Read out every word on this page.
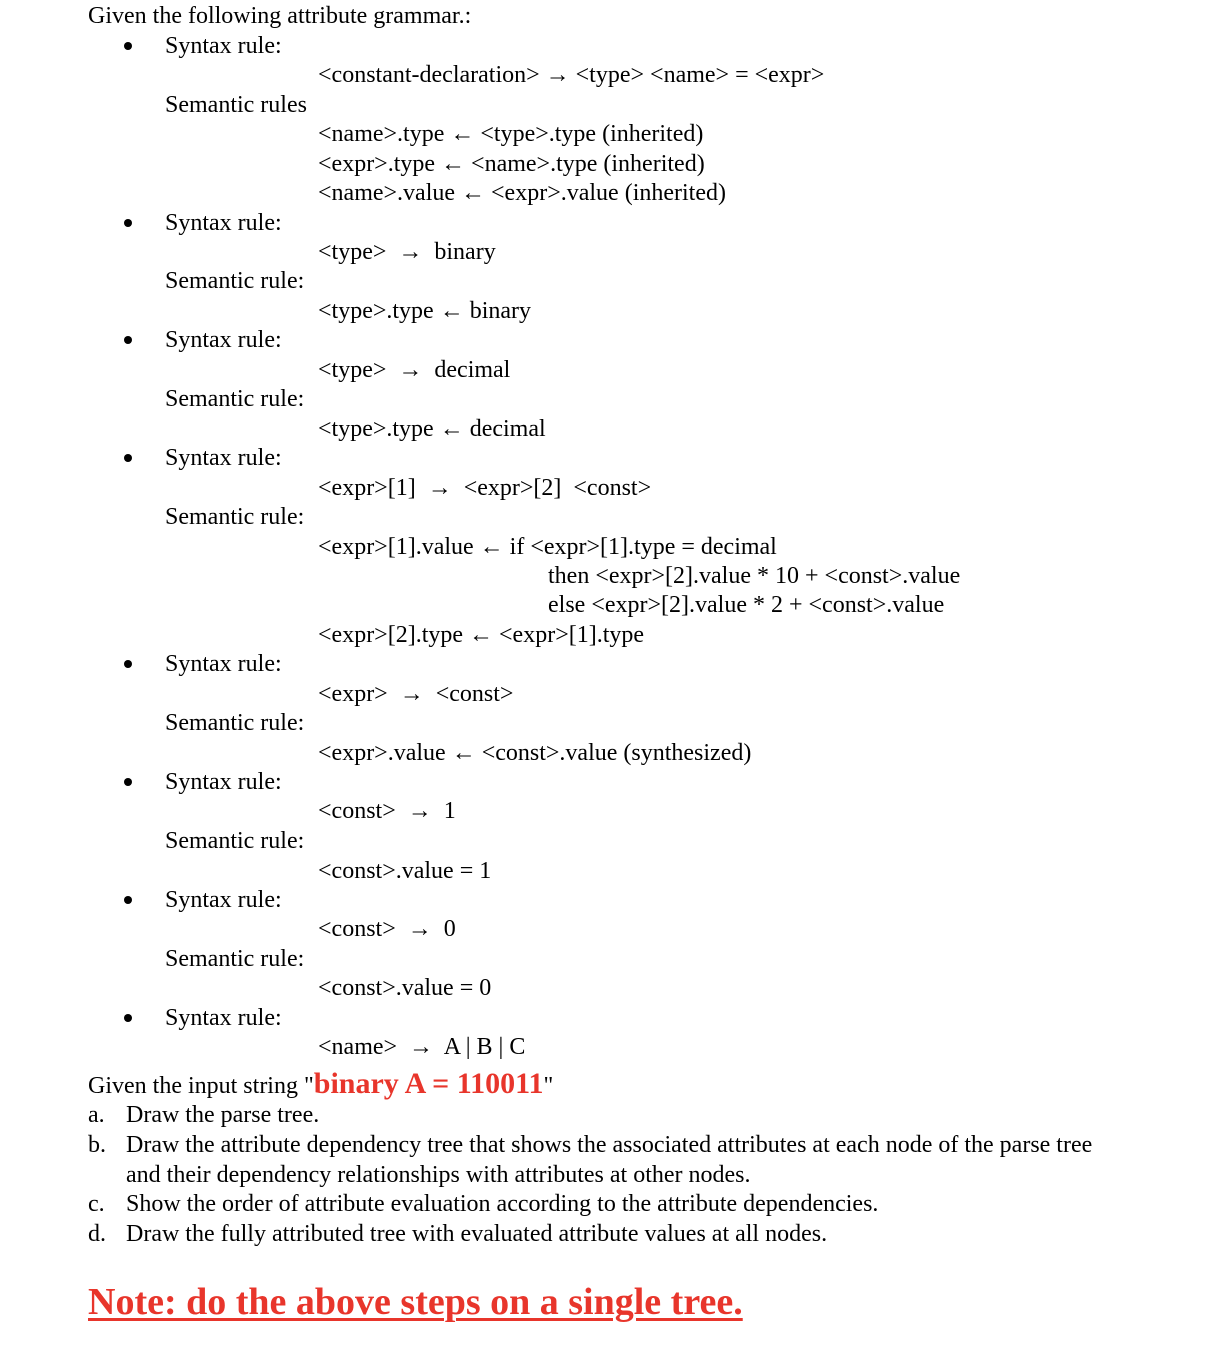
Given the following attribute grammar.:
Syntax rule:
<constant-declaration> → <type> <name> = <expr>
Semantic rules
<name>.type ← <type>.type (inherited)
<expr>.type ← <name>.type (inherited)
<name>.value ← <expr>.value (inherited)
Syntax rule:
<type>  →  binary
Semantic rule:
<type>.type ← binary
Syntax rule:
<type>  →  decimal
Semantic rule:
<type>.type ← decimal
Syntax rule:
<expr>[1]  →  <expr>[2]  <const>
Semantic rule:
<expr>[1].value ← if <expr>[1].type = decimal
then <expr>[2].value * 10 + <const>.value
else <expr>[2].value * 2 + <const>.value
<expr>[2].type ← <expr>[1].type
Syntax rule:
<expr>  →  <const>
Semantic rule:
<expr>.value ← <const>.value (synthesized)
Syntax rule:
<const>  →  1
Semantic rule:
<const>.value = 1
Syntax rule:
<const>  →  0
Semantic rule:
<const>.value = 0
Syntax rule:
<name>  →  A | B | C
Given the input string "binary A = 110011"
a. Draw the parse tree.
b. Draw the attribute dependency tree that shows the associated attributes at each node of the parse tree
and their dependency relationships with attributes at other nodes.
c. Show the order of attribute evaluation according to the attribute dependencies.
d. Draw the fully attributed tree with evaluated attribute values at all nodes.
Note: do the above steps on a single tree.
